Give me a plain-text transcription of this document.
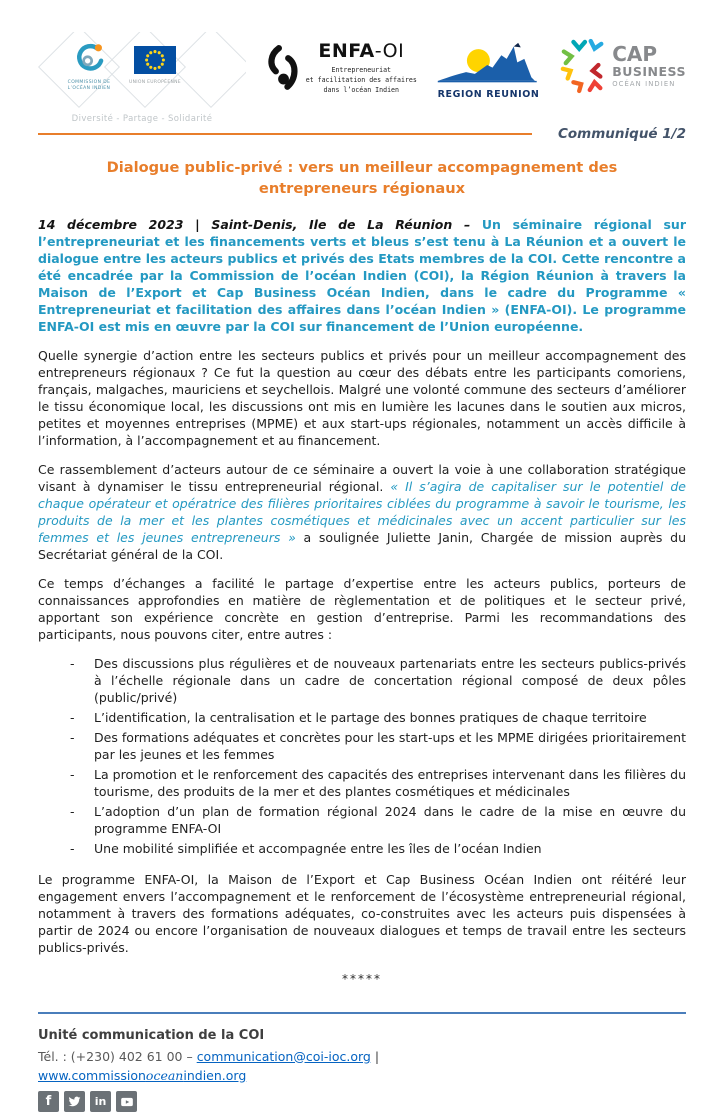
COMMISSION DE
L’OCÉAN INDIEN
UNION EUROPÉENNE
Diversité - Partage - Solidarité
ENFA-OI
Entrepreneuriat
et facilitation des affaires
dans l’océan Indien	REGION REUNION
CAP
BUSINESS
OCÉAN INDIEN
Communiqué 1/2
Dialogue public-privé : vers un meilleur accompagnement des entrepreneurs régionaux

14 décembre 2023 | Saint-Denis, Ile de La Réunion – Un séminaire régional sur l’entrepreneuriat et les financements verts et bleus s’est tenu à La Réunion et a ouvert le dialogue entre les acteurs publics et privés des Etats membres de la COI. Cette rencontre a été encadrée par la Commission de l’océan Indien (COI), la Région Réunion à travers la Maison de l’Export et Cap Business Océan Indien, dans le cadre du Programme « Entrepreneuriat et facilitation des affaires dans l’océan Indien » (ENFA-OI). Le programme ENFA-OI est mis en œuvre par la COI sur financement de l’Union européenne.

Quelle synergie d’action entre les secteurs publics et privés pour un meilleur accompagnement des entrepreneurs régionaux ? Ce fut la question au cœur des débats entre les participants comoriens, français, malgaches, mauriciens et seychellois. Malgré une volonté commune des secteurs d’améliorer le tissu économique local, les discussions ont mis en lumière les lacunes dans le soutien aux micros, petites et moyennes entreprises (MPME) et aux start-ups régionales, notamment un accès difficile à l’information, à l’accompagnement et au financement.

Ce rassemblement d’acteurs autour de ce séminaire a ouvert la voie à une collaboration stratégique visant à dynamiser le tissu entrepreneurial régional. « Il s’agira de capitaliser sur le potentiel de chaque opérateur et opératrice des filières prioritaires ciblées du programme à savoir le tourisme, les produits de la mer et les plantes cosmétiques et médicinales avec un accent particulier sur les femmes et les jeunes entrepreneurs » a soulignée Juliette Janin, Chargée de mission auprès du Secrétariat général de la COI.

Ce temps d’échanges a facilité le partage d’expertise entre les acteurs publics, porteurs de connaissances approfondies en matière de règlementation et de politiques et le secteur privé, apportant son expérience concrète en gestion d’entreprise. Parmi les recommandations des participants, nous pouvons citer, entre autres :

- Des discussions plus régulières et de nouveaux partenariats entre les secteurs publics-privés à l’échelle régionale dans un cadre de concertation régional composé de deux pôles (public/privé)
- L’identification, la centralisation et le partage des bonnes pratiques de chaque territoire
- Des formations adéquates et concrètes pour les start-ups et les MPME dirigées prioritairement par les jeunes et les femmes
- La promotion et le renforcement des capacités des entreprises intervenant dans les filières du tourisme, des produits de la mer et des plantes cosmétiques et médicinales
- L’adoption d’un plan de formation régional 2024 dans le cadre de la mise en œuvre du programme ENFA-OI
- Une mobilité simplifiée et accompagnée entre les îles de l’océan Indien

Le programme ENFA-OI, la Maison de l’Export et Cap Business Océan Indien ont réitéré leur engagement envers l’accompagnement et le renforcement de l’écosystème entrepreneurial régional, notamment à travers des formations adéquates, co-construites avec les acteurs puis dispensées à partir de 2024 ou encore l’organisation de nouveaux dialogues et temps de travail entre les secteurs publics-privés.

*****
Unité communication de la COI
Tél. : (+230) 402 61 00 – communication@coi-ioc.org |
www.commissionoceanindien.org
f	in
